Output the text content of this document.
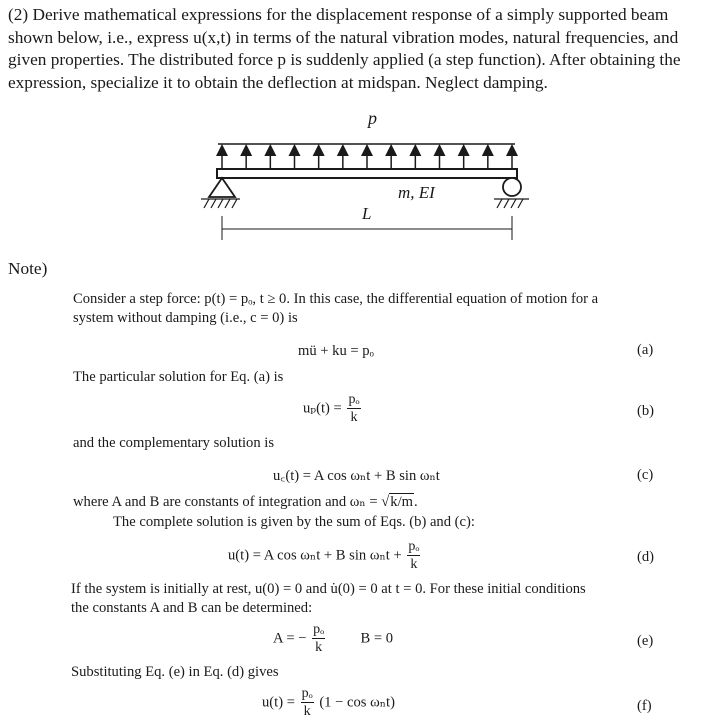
(2) Derive mathematical expressions for the displacement response of a simply supported beam shown below, i.e., express u(x,t) in terms of the natural vibration modes, natural frequencies, and given properties. The distributed force p is suddenly applied (a step function). After obtaining the expression, specialize it to obtain the deflection at midspan. Neglect damping.

p
m, EI
L
Note)
Consider a step force: p(t) = pₒ, t ≥ 0. In this case, the differential equation of motion for a
system without damping (i.e., c = 0) is
mü + ku = pₒ	(a)
The particular solution for Eq. (a) is
$u_p(t) = \frac{\text{pₒ}}{k}$	(b)
and the complementary solution is
u꜀(t) = A cos ωₙt + B sin ωₙt	(c)
where A and B are constants of integration and ωₙ = √k/m.
The complete solution is given by the sum of Eqs. (b) and (c):
u(t) = A cos ωₙt + B $\sin \omega_nt + \frac{\text{pₒ}}{k}$	(d)
If the system is initially at rest, u(0) = 0 and u̇(0) = 0 at t = 0. For these initial conditions
the constants A and B can be determined:
A = − $\frac{\text{pₒ}}{k}$ B = 0	(e)
Substituting Eq. (e) in Eq. (d) gives
$u(t) = \frac{\text{pₒ}}{k} (1 - \cos \omega_nt)$	(f)
